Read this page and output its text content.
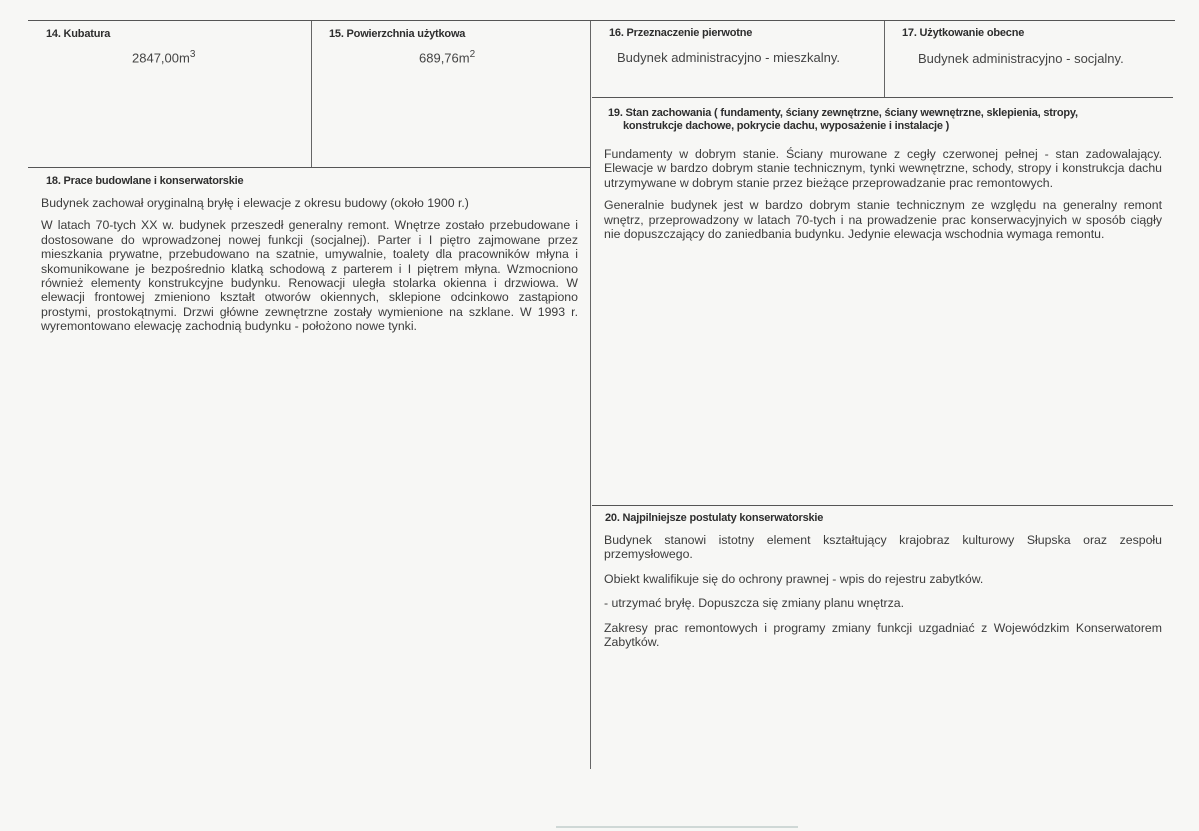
14. Kubatura
$2847,00m^3$
15. Powierzchnia użytkowa
$689,76m^2$
16. Przeznaczenie pierwotne
Budynek administracyjno - mieszkalny.
17. Użytkowanie obecne
Budynek administracyjno - socjalny.
18. Prace budowlane i konserwatorskie

Budynek zachował oryginalną bryłę i elewacje z okresu budowy (około 1900 r.)

W latach 70-tych XX w. budynek przeszedł generalny remont. Wnętrze zostało przebudowane i dostosowane do wprowadzonej nowej funkcji (socjalnej). Parter i I piętro zajmowane przez mieszkania prywatne, przebudowano na szatnie, umywalnie, toalety dla pracowników młyna i skomunikowane je bezpośrednio klatką schodową z parterem i I piętrem młyna. Wzmocniono również elementy konstrukcyjne budynku. Renowacji uległa stolarka okienna i drzwiowa. W elewacji frontowej zmieniono kształt otworów okiennych, sklepione odcinkowo zastąpiono prostymi, prostokątnymi. Drzwi główne zewnętrzne zostały wymienione na szklane. W 1993 r. wyremontowano elewację zachodnią budynku - położono nowe tynki.

19. Stan zachowania ( fundamenty, ściany zewnętrzne, ściany wewnętrzne, sklepienia, stropy,
konstrukcje dachowe, pokrycie dachu, wyposażenie i instalacje )

Fundamenty w dobrym stanie. Ściany murowane z cegły czerwonej pełnej - stan zadowalający. Elewacje w bardzo dobrym stanie technicznym, tynki wewnętrzne, schody, stropy i konstrukcja dachu utrzymywane w dobrym stanie przez bieżące przeprowadzanie prac remontowych.

Generalnie budynek jest w bardzo dobrym stanie technicznym ze względu na generalny remont wnętrz, przeprowadzony w latach 70-tych i na prowadzenie prac konserwacyjnyich w sposób ciągły nie dopuszczający do zaniedbania budynku. Jedynie elewacja wschodnia wymaga remontu.

20. Najpilniejsze postulaty konserwatorskie

Budynek stanowi istotny element kształtujący krajobraz kulturowy Słupska oraz zespołu przemysłowego.

Obiekt kwalifikuje się do ochrony prawnej - wpis do rejestru zabytków.

- utrzymać bryłę. Dopuszcza się zmiany planu wnętrza.

Zakresy prac remontowych i programy zmiany funkcji uzgadniać z Wojewódzkim Konserwatorem Zabytków.
